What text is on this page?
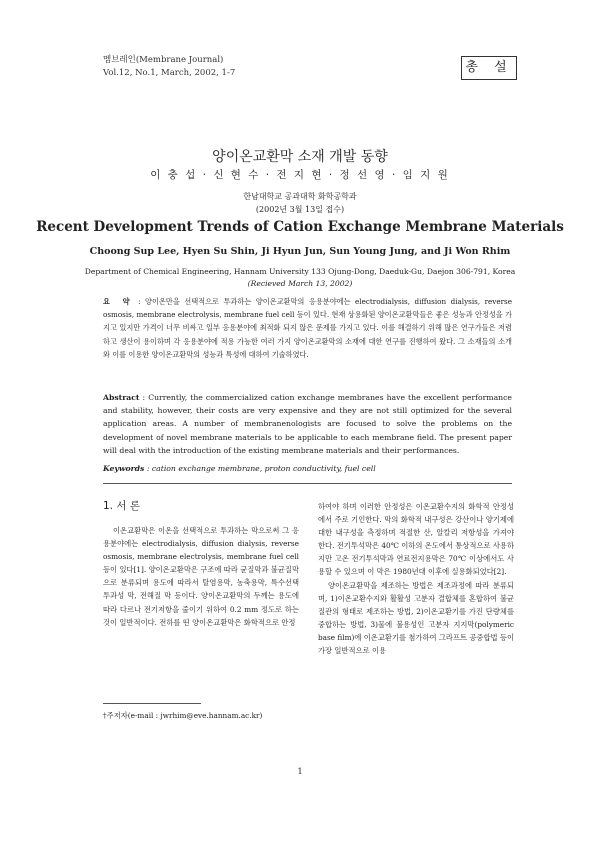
멤브레인(Membrane Journal)
Vol.12, No.1, March, 2002, 1-7	총 설
양이온교환막 소재 개발 동향
이 충 섭 · 신 현 수 · 전 지 현 · 정 선 영 · 임 지 원
한남대학교 공과대학 화학공학과
(2002년 3월 13일 접수)
Recent Development Trends of Cation Exchange Membrane Materials
Choong Sup Lee, Hyen Su Shin, Ji Hyun Jun, Sun Young Jung, and Ji Won Rhim
Department of Chemical Engineering, Hannam University 133 Ojung-Dong, Daeduk-Gu, Daejon 306-791, Korea
(Recieved March 13, 2002)
요 약 : 양이온만을 선택적으로 투과하는 양이온교환막의 응용분야에는 electrodialysis, diffusion dialysis, reverse osmosis, membrane electrolysis, membrane fuel cell 등이 있다. 현재 상용화된 양이온교환막들은 좋은 성능과 안정성을 가지고 있지만 가격이 너무 비싸고 일부 응용분야에 최적화 되지 않은 문제를 가지고 있다. 이를 해결하기 위해 많은 연구가들은 저렴하고 생산이 용이하며 각 응용분야에 적용 가능한 여러 가지 양이온교환막의 소재에 대한 연구를 진행하여 왔다. 그 소재들의 소개와 이를 이용한 양이온교환막의 성능과 특성에 대하여 기술하였다.
Abstract : Currently, the commercialized cation exchange membranes have the excellent performance and stability, however, their costs are very expensive and they are not still optimized for the several application areas. A number of membranenologists are focused to solve the problems on the development of novel membrane materials to be applicable to each membrane field. The present paper will deal with the introduction of the existing membrane materials and their performances.
Keywords : cation exchange membrane, proton conductivity, fuel cell
1. 서 론

이온교환막은 이온을 선택적으로 투과하는 막으로써 그 응용분야에는 electrodialysis, diffusion dialysis, reverse osmosis, membrane electrolysis, membrane fuel cell 등이 있다[1]. 양이온교환막은 구조에 따라 균질막과 불균질막으로 분류되며 용도에 따라서 탈염용막, 농축용막, 특수선택 투과성 막, 전해질 막 등이다. 양이온교환막의 두께는 용도에 따라 다르나 전기저항을 줄이기 위하여 0.2 mm 정도로 하는 것이 일반적이다. 전하를 띤 양이온교환막은 화학적으로 안정

†주저자(e-mail : jwrhim@eve.hannam.ac.kr)

하여야 하며 이러한 안정성은 이온교환수지의 화학적 안정성에서 주로 기인한다. 막의 화학적 내구성은 강산이나 양기제에 대한 내구성을 측정하며 적절한 산, 알칼리 저항성을 가져야 한다. 전기투석막은 40℃ 이하의 온도에서 통상적으로 사용하지만 고온 전기투석막과 연료전지용막은 70℃ 이상에서도 사용할 수 있으며 이 막은 1980년대 이후에 실용화되었다[2].

양이온교환막을 제조하는 방법은 제조과정에 따라 분류되며, 1)이온교환수지와 활활성 고분자 결합체를 혼합하여 불균질관의 형태로 제조하는 방법, 2)이온교환기를 가진 단량체를 중합하는 방법, 3)물에 불용성인 고분자 지지막(polymeric base film)에 이온교환기를 첨가하여 그라프트 공중합법 등이 가장 일반적으로 이용

1
